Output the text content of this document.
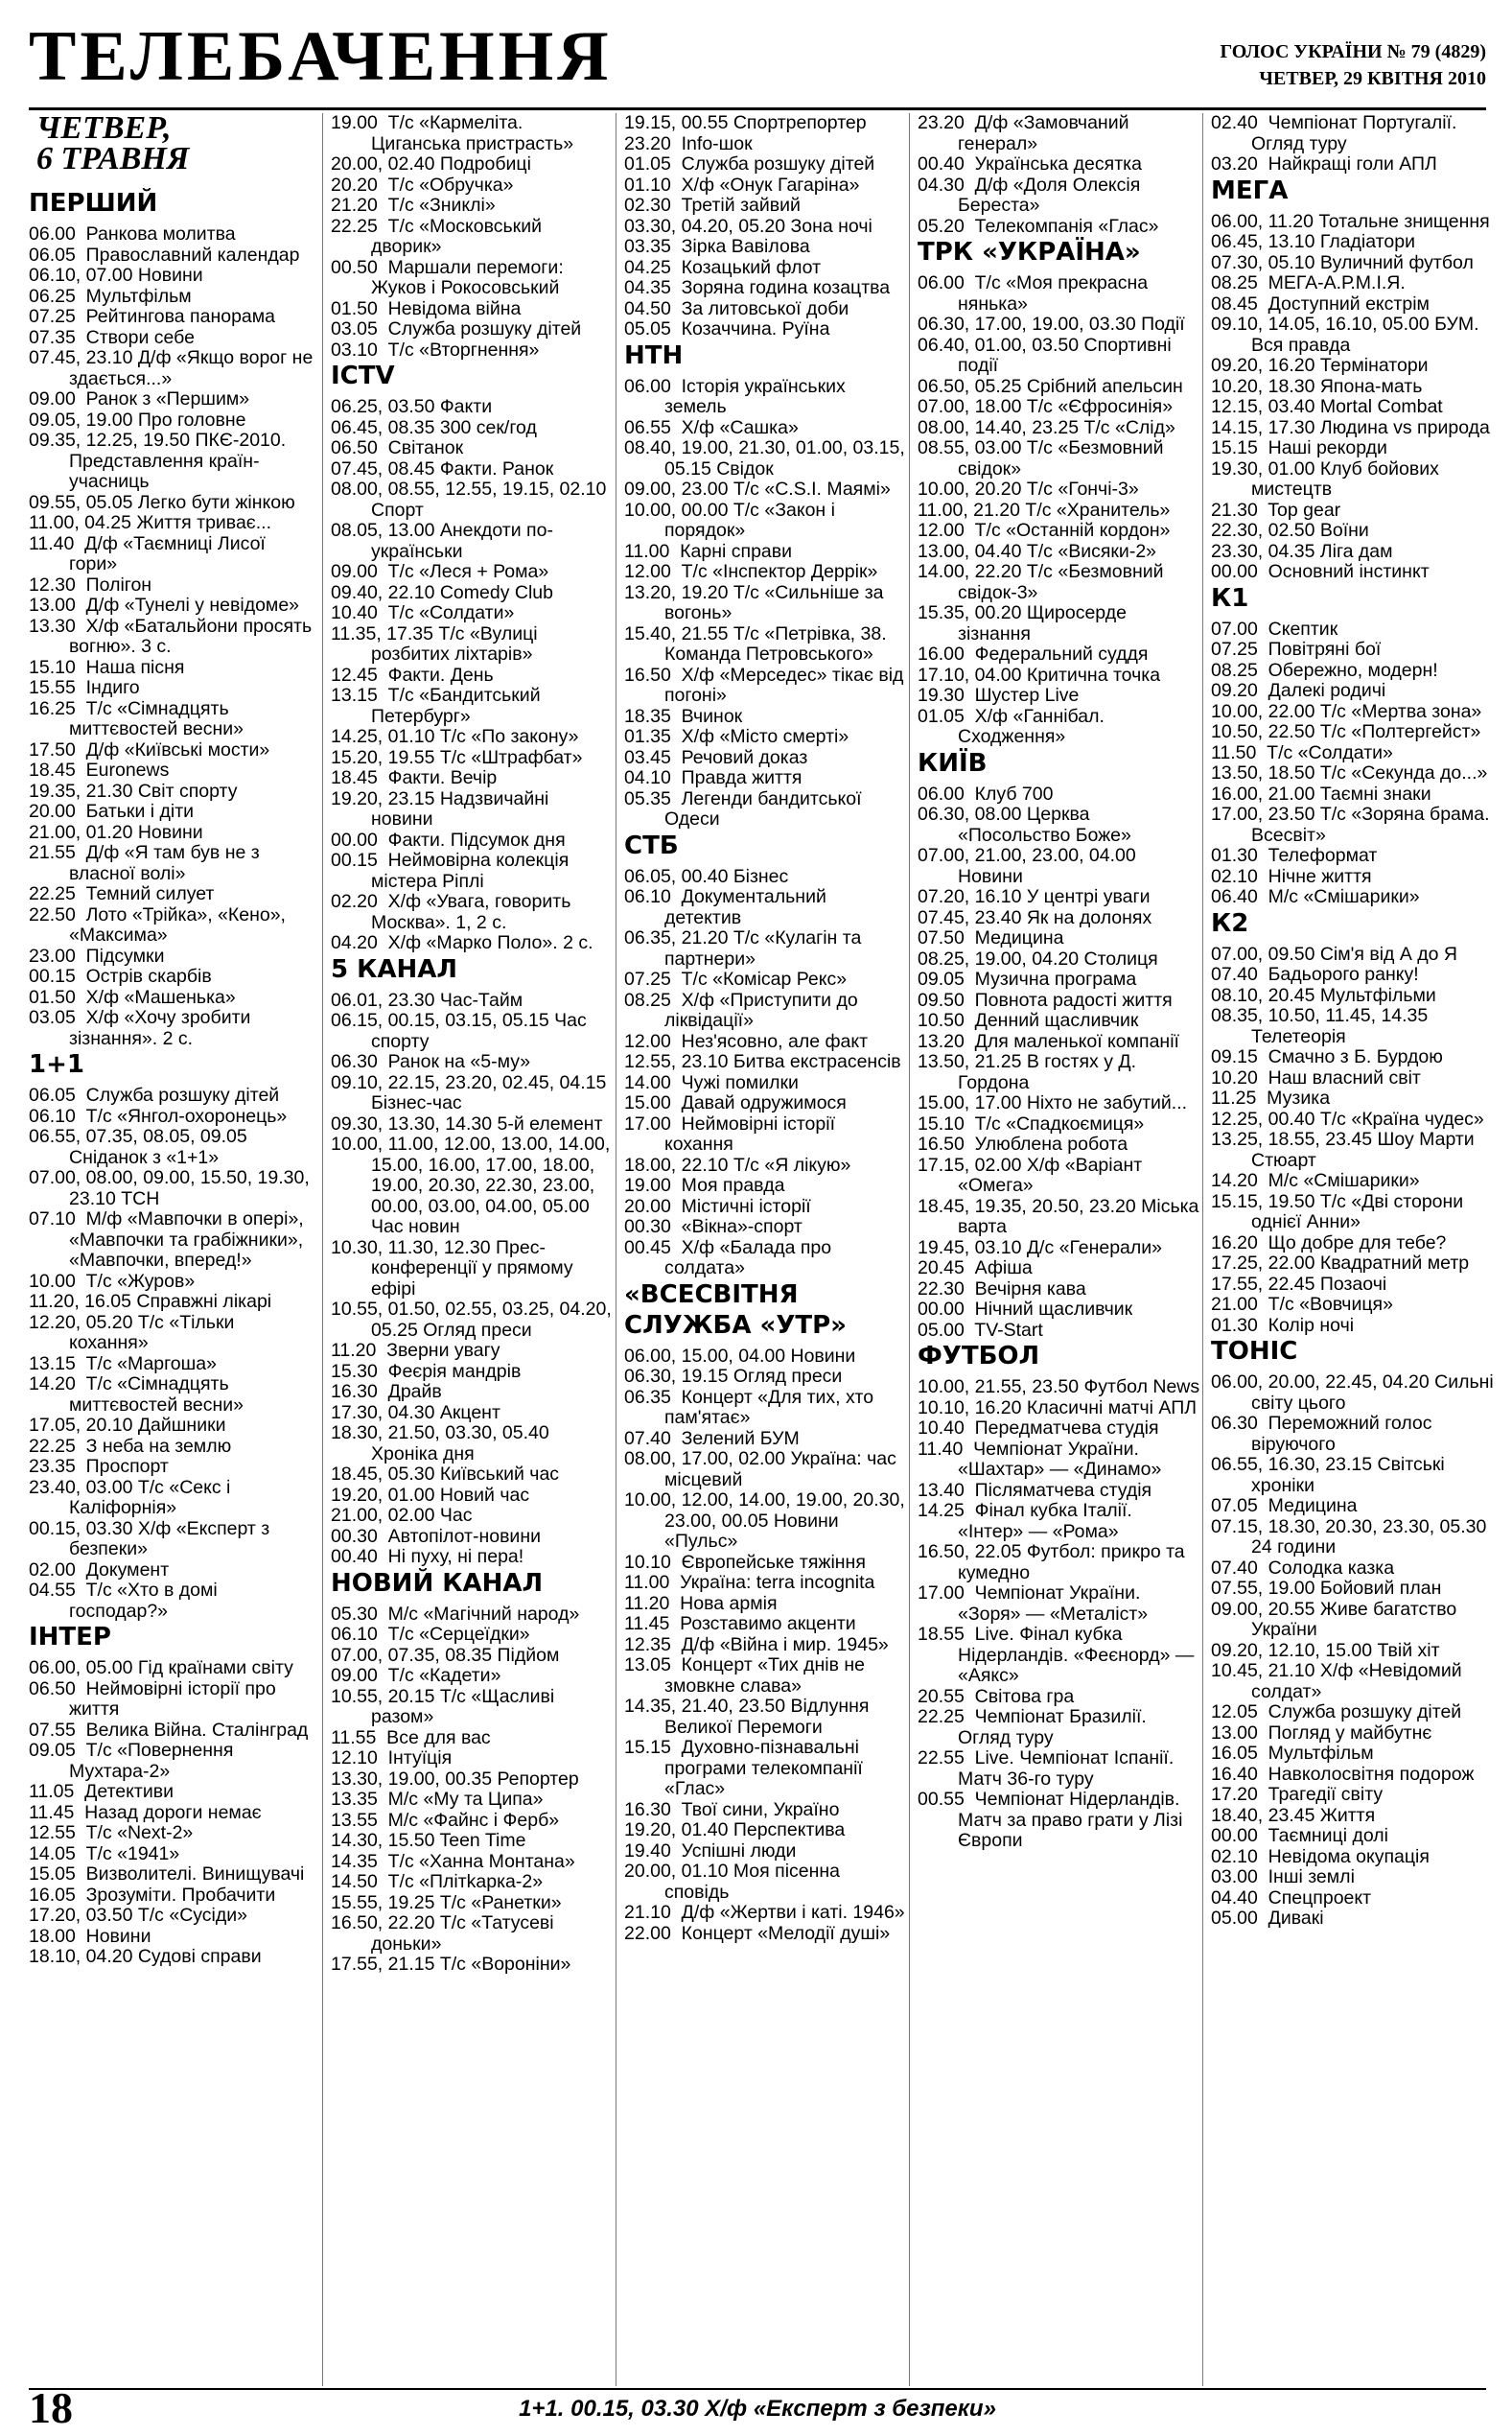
ТЕЛЕБАЧЕННЯ	ГОЛОС УКРАЇНИ № 79 (4829)
ЧЕТВЕР, 29 КВІТНЯ 2010
ЧЕТВЕР,
6 ТРАВНЯ
ПЕРШИЙ
06.00  Ранкова молитва
06.05  Православний календар
06.10, 07.00 Новини
06.25  Мультфільм
07.25  Рейтингова панорама
07.35  Створи себе
07.45, 23.10 Д/ф «Якщо ворог не здається...»
09.00  Ранок з «Першим»
09.05, 19.00 Про головне
09.35, 12.25, 19.50 ПКЄ-2010. Представлення країн-учасниць
09.55, 05.05 Легко бути жінкою
11.00, 04.25 Життя триває...
11.40  Д/ф «Таємниці Лисої гори»
12.30  Полігон
13.00  Д/ф «Тунелі у невідоме»
13.30  Х/ф «Батальйони просять вогню». 3 с.
15.10  Наша пісня
15.55  Індиго
16.25  Т/с «Сімнадцять миттєвостей весни»
17.50  Д/ф «Київські мости»
18.45  Euronews
19.35, 21.30 Світ спорту
20.00  Батьки і діти
21.00, 01.20 Новини
21.55  Д/ф «Я там був не з власної волі»
22.25  Темний силует
22.50  Лото «Трійка», «Кено», «Максима»
23.00  Підсумки
00.15  Острів скарбів
01.50  Х/ф «Машенька»
03.05  Х/ф «Хочу зробити зізнання». 2 с.
1+1
06.05  Служба розшуку дітей
06.10  Т/с «Янгол-охоронець»
06.55, 07.35, 08.05, 09.05 Сніданок з «1+1»
07.00, 08.00, 09.00, 15.50, 19.30, 23.10 ТСН
07.10  М/ф «Мавпочки в опері», «Мавпочки та грабіжники», «Мавпочки, вперед!»
10.00  Т/с «Журов»
11.20, 16.05 Справжні лікарі
12.20, 05.20 Т/с «Тільки кохання»
13.15  Т/с «Маргоша»
14.20  Т/с «Сімнадцять миттєвостей весни»
17.05, 20.10 Дайшники
22.25  З неба на землю
23.35  Проспорт
23.40, 03.00 Т/с «Секс і Каліфорнія»
00.15, 03.30 Х/ф «Експерт з безпеки»
02.00  Документ
04.55  Т/с «Хто в домі господар?»
ІНТЕР
06.00, 05.00 Гід країнами світу
06.50  Неймовірні історії про життя
07.55  Велика Війна. Сталінград
09.05  Т/с «Повернення Мухтара-2»
11.05  Детективи
11.45  Назад дороги немає
12.55  Т/с «Next-2»
14.05  Т/с «1941»
15.05  Визволителі. Винищувачі
16.05  Зрозуміти. Пробачити
17.20, 03.50 Т/с «Сусіди»
18.00  Новини
18.10, 04.20 Судові справи
19.00  Т/с «Кармеліта. Циганська пристрасть»
20.00, 02.40 Подробиці
20.20  Т/с «Обручка»
21.20  Т/с «Зниклі»
22.25  Т/с «Московський дворик»
00.50  Маршали перемоги: Жуков і Рокосовський
01.50  Невідома війна
03.05  Служба розшуку дітей
03.10  Т/с «Вторгнення»
ICTV
06.25, 03.50 Факти
06.45, 08.35 300 сек/год
06.50  Світанок
07.45, 08.45 Факти. Ранок
08.00, 08.55, 12.55, 19.15, 02.10 Спорт
08.05, 13.00 Анекдоти по-українськи
09.00  Т/с «Леся + Рома»
09.40, 22.10 Comedy Club
10.40  Т/с «Солдати»
11.35, 17.35 Т/с «Вулиці розбитих ліхтарів»
12.45  Факти. День
13.15  Т/с «Бандитський Петербург»
14.25, 01.10 Т/с «По закону»
15.20, 19.55 Т/с «Штрафбат»
18.45  Факти. Вечір
19.20, 23.15 Надзвичайні новини
00.00  Факти. Підсумок дня
00.15  Неймовірна колекція містера Ріплі
02.20  Х/ф «Увага, говорить Москва». 1, 2 с.
04.20  Х/ф «Марко Поло». 2 с.
5 КАНАЛ
06.01, 23.30 Час-Тайм
06.15, 00.15, 03.15, 05.15 Час спорту
06.30  Ранок на «5-му»
09.10, 22.15, 23.20, 02.45, 04.15 Бізнес-час
09.30, 13.30, 14.30 5-й елемент
10.00, 11.00, 12.00, 13.00, 14.00, 15.00, 16.00, 17.00, 18.00, 19.00, 20.30, 22.30, 23.00, 00.00, 03.00, 04.00, 05.00 Час новин
10.30, 11.30, 12.30 Прес-конференції у прямому ефірі
10.55, 01.50, 02.55, 03.25, 04.20, 05.25 Огляд преси
11.20  Зверни увагу
15.30  Феєрія мандрів
16.30  Драйв
17.30, 04.30 Акцент
18.30, 21.50, 03.30, 05.40 Хроніка дня
18.45, 05.30 Київський час
19.20, 01.00 Новий час
21.00, 02.00 Час
00.30  Автопілот-новини
00.40  Ні пуху, ні пера!
НОВИЙ КАНАЛ
05.30  М/с «Магічний народ»
06.10  Т/с «Серцеїдки»
07.00, 07.35, 08.35 Підйом
09.00  Т/с «Кадети»
10.55, 20.15 Т/с «Щасливі разом»
11.55  Все для вас
12.10  Інтуїція
13.30, 19.00, 00.35 Репортер
13.35  М/с «Му та Ципа»
13.55  М/с «Файнс і Ферб»
14.30, 15.50 Teen Time
14.35  Т/с «Ханна Монтана»
14.50  Т/с «Плітkарка-2»
15.55, 19.25 Т/с «Ранетки»
16.50, 22.20 Т/с «Татусеві доньки»
17.55, 21.15 Т/с «Вороніни»
19.15, 00.55 Спортрепортер
23.20  Info-шок
01.05  Служба розшуку дітей
01.10  Х/ф «Онук Гагаріна»
02.30  Третій зайвий
03.30, 04.20, 05.20 Зона ночі
03.35  Зірка Вавілова
04.25  Козацький флот
04.35  Зоряна година козацтва
04.50  За литовської доби
05.05  Козаччина. Руїна
НТН
06.00  Історія українських земель
06.55  Х/ф «Сашка»
08.40, 19.00, 21.30, 01.00, 03.15, 05.15 Свідок
09.00, 23.00 Т/с «C.S.I. Маямі»
10.00, 00.00 Т/с «Закон і порядок»
11.00  Карні справи
12.00  Т/с «Інспектор Деррік»
13.20, 19.20 Т/с «Сильніше за вогонь»
15.40, 21.55 Т/с «Петрівка, 38. Команда Петровського»
16.50  Х/ф «Мерседес» тікає від погоні»
18.35  Вчинок
01.35  Х/ф «Місто смерті»
03.45  Речовий доказ
04.10  Правда життя
05.35  Легенди бандитської Одеси
СТБ
06.05, 00.40 Бізнес
06.10  Документальний детектив
06.35, 21.20 Т/с «Кулагін та партнери»
07.25  Т/с «Комісар Рекс»
08.25  Х/ф «Приступити до ліквідації»
12.00  Нез'ясовно, але факт
12.55, 23.10 Битва екстрасенсів
14.00  Чужі помилки
15.00  Давай одружимося
17.00  Неймовірні історії кохання
18.00, 22.10 Т/с «Я лікую»
19.00  Моя правда
20.00  Містичні історії
00.30  «Вікна»-спорт
00.45  Х/ф «Балада про солдата»
«ВСЕСВІТНЯ СЛУЖБА «УТР»
06.00, 15.00, 04.00 Новини
06.30, 19.15 Огляд преси
06.35  Концерт «Для тих, хто пам'ятає»
07.40  Зелений БУМ
08.00, 17.00, 02.00 Україна: час місцевий
10.00, 12.00, 14.00, 19.00, 20.30, 23.00, 00.05 Новини «Пульс»
10.10  Європейське тяжіння
11.00  Україна: terra incognita
11.20  Нова армія
11.45  Розставимо акценти
12.35  Д/ф «Війна і мир. 1945»
13.05  Концерт «Тих днів не змовкне слава»
14.35, 21.40, 23.50 Відлуння Великої Перемоги
15.15  Духовно-пізнавальні програми телекомпанії «Глас»
16.30  Твої сини, Україно
19.20, 01.40 Перспектива
19.40  Успішні люди
20.00, 01.10 Моя пісенна сповідь
21.10  Д/ф «Жертви і каті. 1946»
22.00  Концерт «Мелодії душі»
23.20  Д/ф «Замовчаний генерал»
00.40  Українська десятка
04.30  Д/ф «Доля Олексія Береста»
05.20  Телекомпанія «Глас»
ТРК «УКРАЇНА»
06.00  Т/с «Моя прекрасна нянька»
06.30, 17.00, 19.00, 03.30 Події
06.40, 01.00, 03.50 Спортивні події
06.50, 05.25 Срібний апельсин
07.00, 18.00 Т/с «Єфросинія»
08.00, 14.40, 23.25 Т/с «Слід»
08.55, 03.00 Т/с «Безмовний свідок»
10.00, 20.20 Т/с «Гончі-3»
11.00, 21.20 Т/с «Хранитель»
12.00  Т/с «Останній кордон»
13.00, 04.40 Т/с «Висяки-2»
14.00, 22.20 Т/с «Безмовний свідок-3»
15.35, 00.20 Щиросерде зізнання
16.00  Федеральний суддя
17.10, 04.00 Критична точка
19.30  Шустер Live
01.05  Х/ф «Ганнібал. Сходження»
КИЇВ
06.00  Клуб 700
06.30, 08.00 Церква «Посольство Боже»
07.00, 21.00, 23.00, 04.00 Новини
07.20, 16.10 У центрі уваги
07.45, 23.40 Як на долонях
07.50  Медицина
08.25, 19.00, 04.20 Столиця
09.05  Музична програма
09.50  Повнота радості життя
10.50  Денний щасливчик
13.20  Для маленької компанії
13.50, 21.25 В гостях у Д. Гордона
15.00, 17.00 Ніхто не забутий...
15.10  Т/с «Спадкоємиця»
16.50  Улюблена робота
17.15, 02.00 Х/ф «Варіант «Омега»
18.45, 19.35, 20.50, 23.20 Міська варта
19.45, 03.10 Д/с «Генерали»
20.45  Афіша
22.30  Вечірня кава
00.00  Нічний щасливчик
05.00  TV-Start
ФУТБОЛ
10.00, 21.55, 23.50 Футбол News
10.10, 16.20 Класичні матчі АПЛ
10.40  Передматчева студія
11.40  Чемпіонат України. «Шахтар» — «Динамо»
13.40  Післяматчева студія
14.25  Фінал кубка Італії. «Інтер» — «Рома»
16.50, 22.05 Футбол: прикро та кумедно
17.00  Чемпіонат України. «Зоря» — «Металіст»
18.55  Live. Фінал кубка Нідерландів. «Феєнорд» — «Аякс»
20.55  Світова гра
22.25  Чемпіонат Бразилії. Огляд туру
22.55  Live. Чемпіонат Іспанії. Матч 36-го туру
00.55  Чемпіонат Нідерландів. Матч за право грати у Лізі Європи
02.40  Чемпіонат Португалії. Огляд туру
03.20  Найкращі голи АПЛ
МЕГА
06.00, 11.20 Тотальне знищення
06.45, 13.10 Гладіатори
07.30, 05.10 Вуличний футбол
08.25  МЕГА-А.Р.М.І.Я.
08.45  Доступний екстрім
09.10, 14.05, 16.10, 05.00 БУМ. Вся правда
09.20, 16.20 Термінатори
10.20, 18.30 Япона-мать
12.15, 03.40 Mortal Combat
14.15, 17.30 Людина vs природа
15.15  Наші рекорди
19.30, 01.00 Клуб бойових мистецтв
21.30  Top gear
22.30, 02.50 Воїни
23.30, 04.35 Ліга дам
00.00  Основний інстинкт
К1
07.00  Скептик
07.25  Повітряні бої
08.25  Обережно, модерн!
09.20  Далекі родичі
10.00, 22.00 Т/с «Мертва зона»
10.50, 22.50 Т/с «Полтергейст»
11.50  Т/с «Солдати»
13.50, 18.50 Т/с «Секунда до...»
16.00, 21.00 Таємні знаки
17.00, 23.50 Т/с «Зоряна брама. Всесвіт»
01.30  Телеформат
02.10  Нічне життя
06.40  М/с «Смішарики»
К2
07.00, 09.50 Сім'я від А до Я
07.40  Бадьорого ранку!
08.10, 20.45 Мультфільми
08.35, 10.50, 11.45, 14.35 Телетеорія
09.15  Смачно з Б. Бурдою
10.20  Наш власний світ
11.25  Музика
12.25, 00.40 Т/с «Країна чудес»
13.25, 18.55, 23.45 Шоу Марти Стюарт
14.20  М/с «Смішарики»
15.15, 19.50 Т/с «Дві сторони однієї Анни»
16.20  Що добре для тебе?
17.25, 22.00 Квадратний метр
17.55, 22.45 Позаочі
21.00  Т/с «Вовчиця»
01.30  Колір ночі
ТОНІС
06.00, 20.00, 22.45, 04.20 Сильні світу цього
06.30  Переможний голос віруючого
06.55, 16.30, 23.15 Світські хроніки
07.05  Медицина
07.15, 18.30, 20.30, 23.30, 05.30 24 години
07.40  Солодка казка
07.55, 19.00 Бойовий план
09.00, 20.55 Живе багатство України
09.20, 12.10, 15.00 Твій хіт
10.45, 21.10 Х/ф «Невідомий солдат»
12.05  Служба розшуку дітей
13.00  Погляд у майбутнє
16.05  Мультфільм
16.40  Навколосвітня подорож
17.20  Трагедії світу
18.40, 23.45 Життя
00.00  Таємниці долі
02.10  Невідома окупація
03.00  Інші землі
04.40  Спецпроект
05.00  Дивакі
18	1+1. 00.15, 03.30 Х/ф «Експерт з безпеки»
